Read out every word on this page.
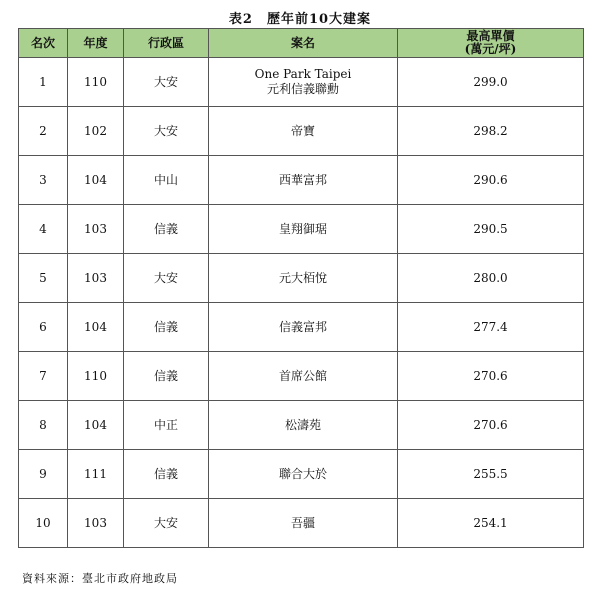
表2　歷年前10大建案
名次	年度	行政區	案名	最高單價
(萬元/坪)

1	110	大安	One Park Taipei
元利信義聯勳	299.0
2	102	大安	帝寶	298.2
3	104	中山	西華富邦	290.6
4	103	信義	皇翔御琚	290.5
5	103	大安	元大栢悅	280.0
6	104	信義	信義富邦	277.4
7	110	信義	首席公館	270.6
8	104	中正	松濤苑	270.6
9	111	信義	聯合大於	255.5
10	103	大安	吾疆	254.1
資料來源：臺北市政府地政局
